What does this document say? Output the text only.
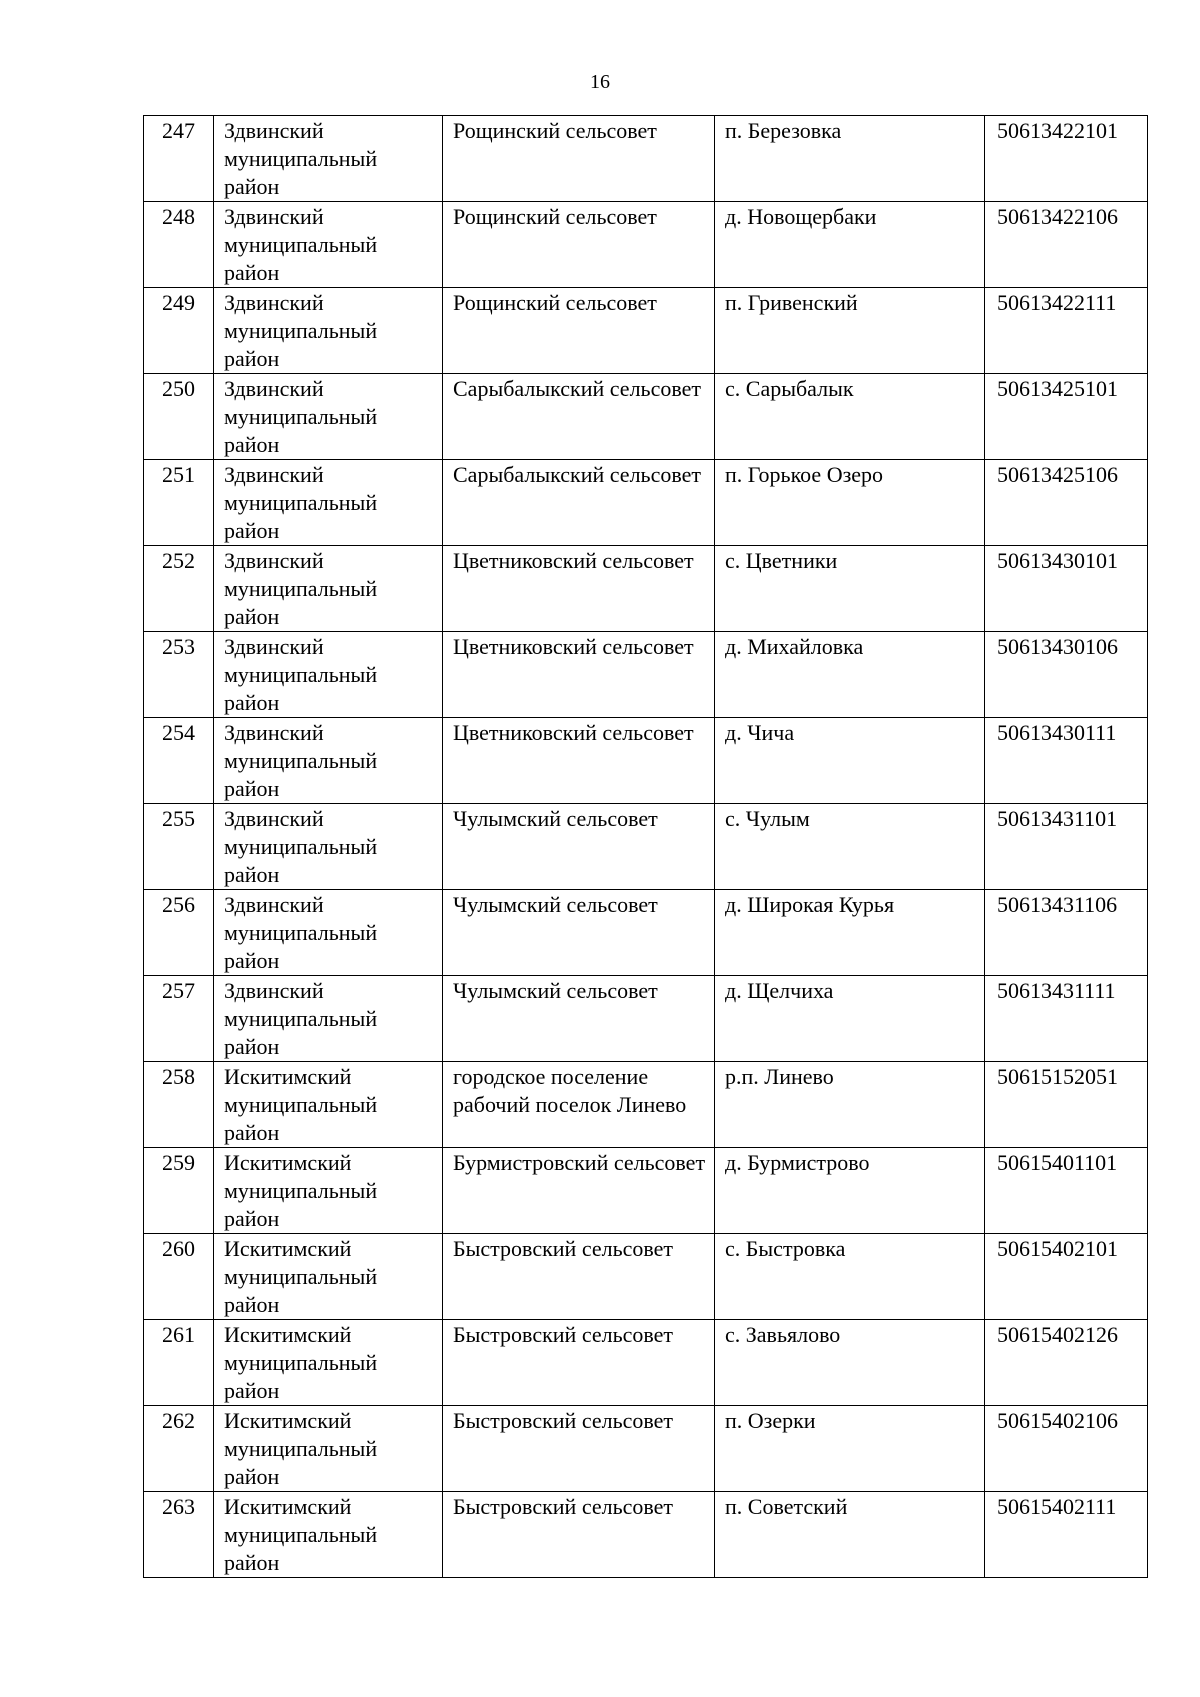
16
247	Здвинский муниципальный район	Рощинский сельсовет	п. Березовка	50613422101
248	Здвинский муниципальный район	Рощинский сельсовет	д. Новощербаки	50613422106
249	Здвинский муниципальный район	Рощинский сельсовет	п. Гривенский	50613422111
250	Здвинский муниципальный район	Сарыбалыкский сельсовет	с. Сарыбалык	50613425101
251	Здвинский муниципальный район	Сарыбалыкский сельсовет	п. Горькое Озеро	50613425106
252	Здвинский муниципальный район	Цветниковский сельсовет	с. Цветники	50613430101
253	Здвинский муниципальный район	Цветниковский сельсовет	д. Михайловка	50613430106
254	Здвинский муниципальный район	Цветниковский сельсовет	д. Чича	50613430111
255	Здвинский муниципальный район	Чулымский сельсовет	с. Чулым	50613431101
256	Здвинский муниципальный район	Чулымский сельсовет	д. Широкая Курья	50613431106
257	Здвинский муниципальный район	Чулымский сельсовет	д. Щелчиха	50613431111
258	Искитимский муниципальный район	городское поселение рабочий поселок Линево	р.п. Линево	50615152051
259	Искитимский муниципальный район	Бурмистровский сельсовет	д. Бурмистрово	50615401101
260	Искитимский муниципальный район	Быстровский сельсовет	с. Быстровка	50615402101
261	Искитимский муниципальный район	Быстровский сельсовет	с. Завьялово	50615402126
262	Искитимский муниципальный район	Быстровский сельсовет	п. Озерки	50615402106
263	Искитимский муниципальный район	Быстровский сельсовет	п. Советский	50615402111
